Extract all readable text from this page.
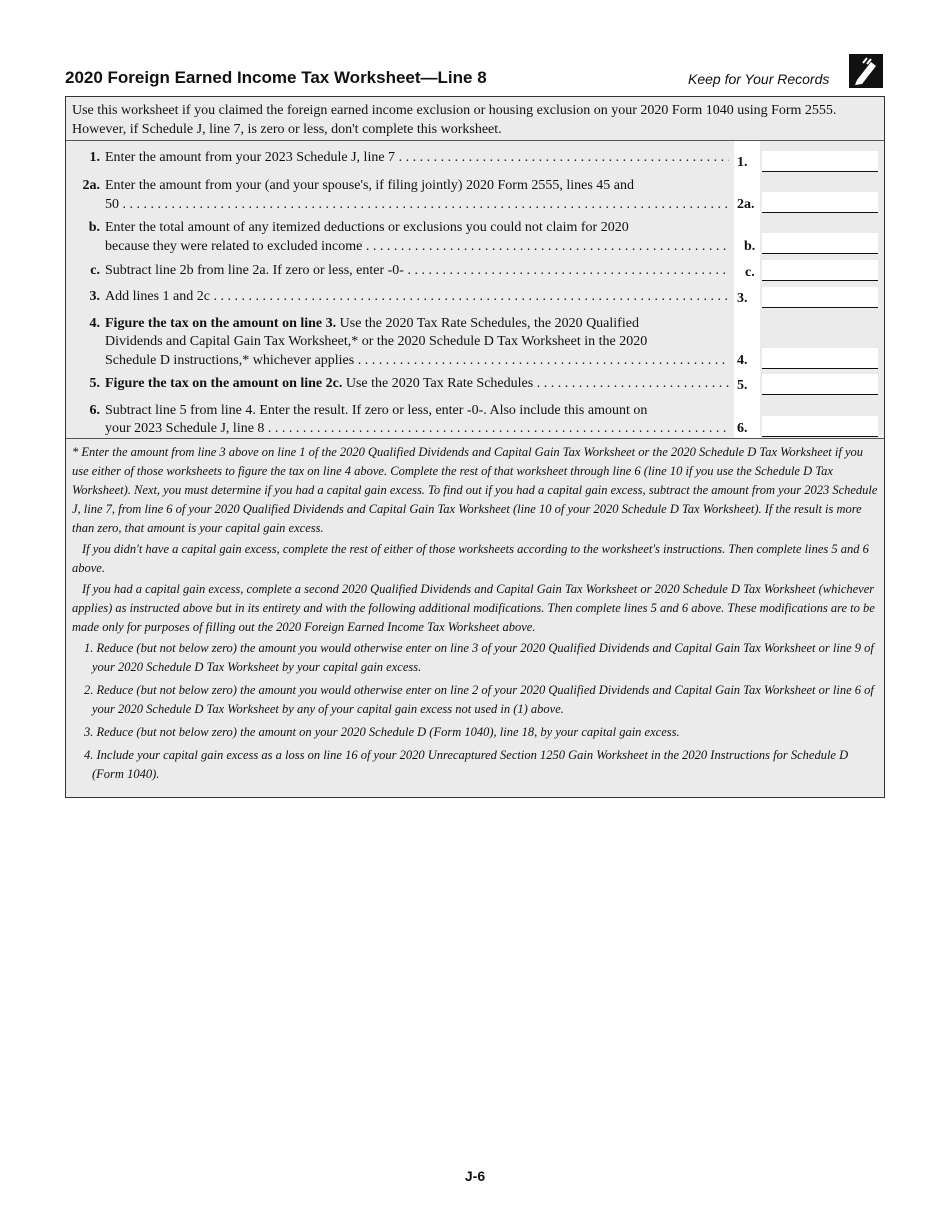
2020 Foreign Earned Income Tax Worksheet—Line 8	Keep for Your Records
Use this worksheet if you claimed the foreign earned income exclusion or housing exclusion on your 2020 Form 1040 using Form 2555. However, if Schedule J, line 7, is zero or less, don't complete this worksheet.
1. Enter the amount from your 2023 Schedule J, line 7 . . .	1.
2a. Enter the amount from your (and your spouse's, if filing jointly) 2020 Form 2555, lines 45 and
50 . . .	2a.
b. Enter the total amount of any itemized deductions or exclusions you could not claim for 2020
because they were related to excluded income . . .	b.
c. Subtract line 2b from line 2a. If zero or less, enter -0- . . .	c.
3. Add lines 1 and 2c . . .	3.
4. Figure the tax on the amount on line 3. Use the 2020 Tax Rate Schedules, the 2020 Qualified
Dividends and Capital Gain Tax Worksheet,* or the 2020 Schedule D Tax Worksheet in the 2020
Schedule D instructions,* whichever applies . . .	4.
5. Figure the tax on the amount on line 2c. Use the 2020 Tax Rate Schedules . . .	5.
6. Subtract line 5 from line 4. Enter the result. If zero or less, enter -0-. Also include this amount on
your 2023 Schedule J, line 8 . . .	6.

* Enter the amount from line 3 above on line 1 of the 2020 Qualified Dividends and Capital Gain Tax Worksheet or the 2020 Schedule D Tax Worksheet if you use either of those worksheets to figure the tax on line 4 above. Complete the rest of that worksheet through line 6 (line 10 if you use the Schedule D Tax Worksheet). Next, you must determine if you had a capital gain excess. To find out if you had a capital gain excess, subtract the amount from your 2023 Schedule J, line 7, from line 6 of your 2020 Qualified Dividends and Capital Gain Tax Worksheet (line 10 of your 2020 Schedule D Tax Worksheet). If the result is more than zero, that amount is your capital gain excess.

If you didn't have a capital gain excess, complete the rest of either of those worksheets according to the worksheet's instructions. Then complete lines 5 and 6 above.

If you had a capital gain excess, complete a second 2020 Qualified Dividends and Capital Gain Tax Worksheet or 2020 Schedule D Tax Worksheet (whichever applies) as instructed above but in its entirety and with the following additional modifications. Then complete lines 5 and 6 above. These modifications are to be made only for purposes of filling out the 2020 Foreign Earned Income Tax Worksheet above.

1. Reduce (but not below zero) the amount you would otherwise enter on line 3 of your 2020 Qualified Dividends and Capital Gain Tax Worksheet or line 9 of your 2020 Schedule D Tax Worksheet by your capital gain excess.

2. Reduce (but not below zero) the amount you would otherwise enter on line 2 of your 2020 Qualified Dividends and Capital Gain Tax Worksheet or line 6 of your 2020 Schedule D Tax Worksheet by any of your capital gain excess not used in (1) above.

3. Reduce (but not below zero) the amount on your 2020 Schedule D (Form 1040), line 18, by your capital gain excess.

4. Include your capital gain excess as a loss on line 16 of your 2020 Unrecaptured Section 1250 Gain Worksheet in the 2020 Instructions for Schedule D (Form 1040).

J-6
